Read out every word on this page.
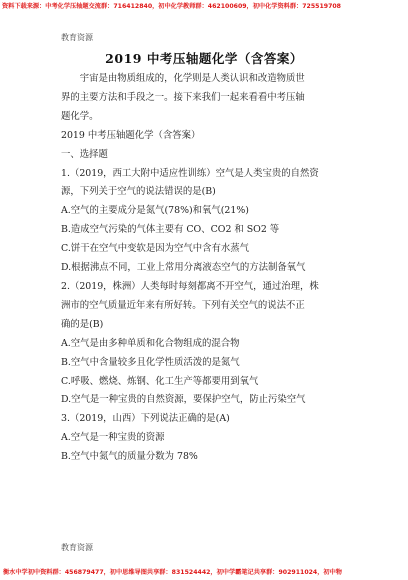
资料下载来源：中考化学压轴题交流群：716412840，初中化学教师群：462100609，初中化学资料群：725519708
教育资源
2019 中考压轴题化学（含答案）

宇宙是由物质组成的，化学则是人类认识和改造物质世

界的主要方法和手段之一。接下来我们一起来看看中考压轴

题化学。

2019 中考压轴题化学（含答案）

一、选择题

1.（2019，西工大附中适应性训练）空气是人类宝贵的自然资

源，下列关于空气的说法错误的是(B)

A.空气的主要成分是氮气(78%)和氧气(21%)

B.造成空气污染的气体主要有 CO、CO2 和 SO2 等

C.饼干在空气中变软是因为空气中含有水蒸气

D.根据沸点不同，工业上常用分离液态空气的方法制备氧气

2.（2019，株洲）人类每时每刻都离不开空气，通过治理，株

洲市的空气质量近年来有所好转。下列有关空气的说法不正

确的是(B)

A.空气是由多种单质和化合物组成的混合物

B.空气中含量较多且化学性质活泼的是氮气

C.呼吸、燃烧、炼钢、化工生产等都要用到氧气

D.空气是一种宝贵的自然资源，要保护空气，防止污染空气

3.（2019，山西）下列说法正确的是(A)

A.空气是一种宝贵的资源

B.空气中氮气的质量分数为 78%

教育资源
衡水中学初中资料群：456879477，初中思维导图共享群：831524442，初中学霸笔记共享群：902911024，初中物
